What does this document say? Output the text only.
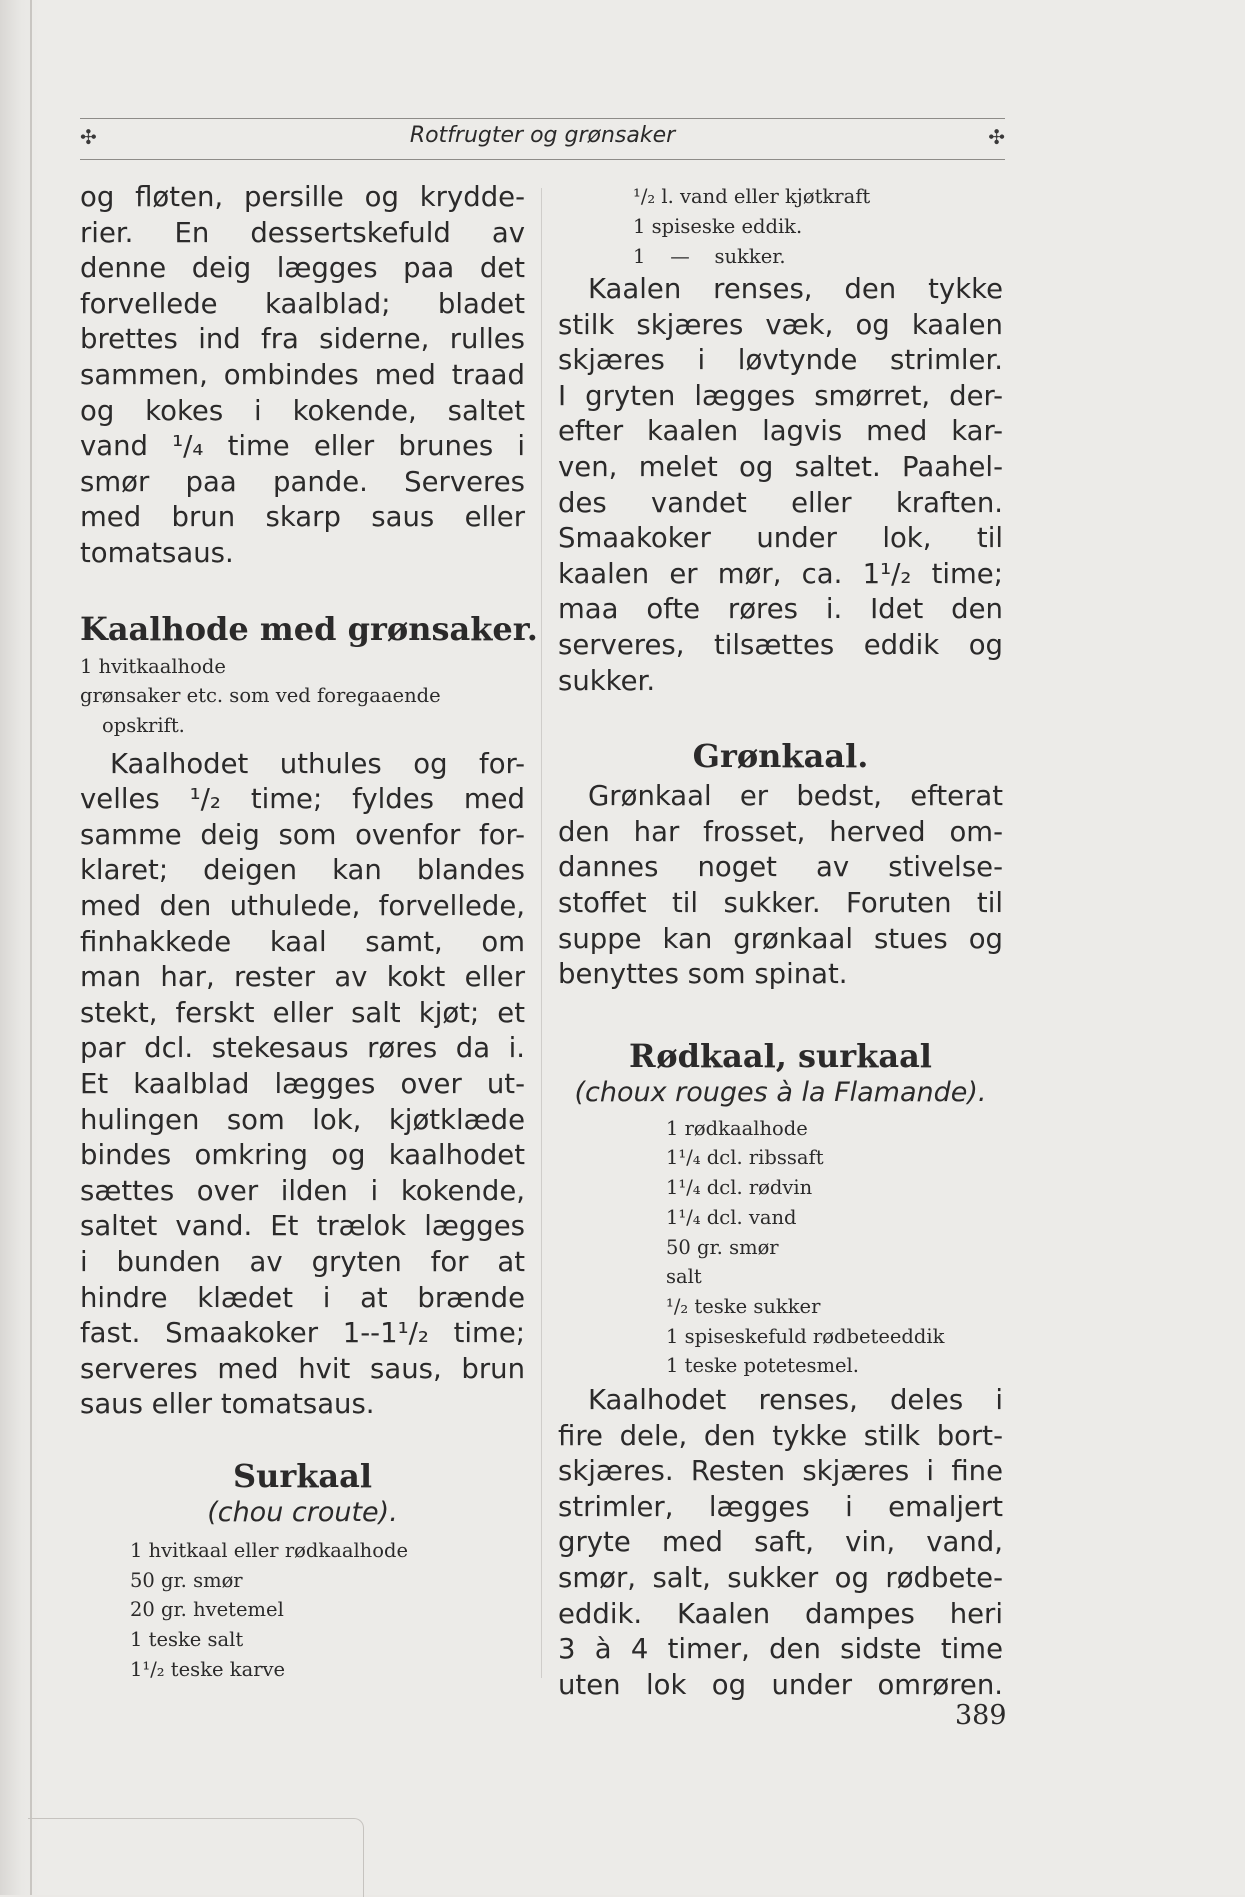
✣	Rotfrugter og grønsaker	✣

og fløten, persille og krydde-
rier. En dessertskefuld av
denne deig lægges paa det
forvellede kaalblad; bladet
brettes ind fra siderne, rulles
sammen, ombindes med traad
og kokes i kokende, saltet
vand ¹/₄ time eller brunes i
smør paa pande. Serveres
med brun skarp saus eller
tomatsaus.

Kaalhode med grønsaker.
1 hvitkaalhode
grønsaker etc. som ved foregaaende
opskrift.

Kaalhodet uthules og for-
velles ¹/₂ time; fyldes med
samme deig som ovenfor for-
klaret; deigen kan blandes
med den uthulede, forvellede,
finhakkede kaal samt, om
man har, rester av kokt eller
stekt, ferskt eller salt kjøt; et
par dcl. stekesaus røres da i.
Et kaalblad lægges over ut-
hulingen som lok, kjøtklæde
bindes omkring og kaalhodet
sættes over ilden i kokende,
saltet vand. Et trælok lægges
i bunden av gryten for at
hindre klædet i at brænde
fast. Smaakoker 1--1¹/₂ time;
serveres med hvit saus, brun
saus eller tomatsaus.

Surkaal

(chou croute).

1 hvitkaal eller rødkaalhode
50 gr. smør
20 gr. hvetemel
1 teske salt
1¹/₂ teske karve
¹/₂ l. vand eller kjøtkraft
1 spiseske eddik.
1    —    sukker.

Kaalen renses, den tykke
stilk skjæres væk, og kaalen
skjæres i løvtynde strimler.
I gryten lægges smørret, der-
efter kaalen lagvis med kar-
ven, melet og saltet. Paahel-
des vandet eller kraften.
Smaakoker under lok, til
kaalen er mør, ca. 1¹/₂ time;
maa ofte røres i. Idet den
serveres, tilsættes eddik og
sukker.

Grønkaal.

Grønkaal er bedst, efterat
den har frosset, herved om-
dannes noget av stivelse-
stoffet til sukker. Foruten til
suppe kan grønkaal stues og
benyttes som spinat.

Rødkaal, surkaal

(choux rouges à la Flamande).

1 rødkaalhode
1¹/₄ dcl. ribssaft
1¹/₄ dcl. rødvin
1¹/₄ dcl. vand
50 gr. smør
salt
¹/₂ teske sukker
1 spiseskefuld rødbeteeddik
1 teske potetesmel.

Kaalhodet renses, deles i
fire dele, den tykke stilk bort-
skjæres. Resten skjæres i fine
strimler, lægges i emaljert
gryte med saft, vin, vand,
smør, salt, sukker og rødbete-
eddik. Kaalen dampes heri
3 à 4 timer, den sidste time
uten lok og under omrøren.

389
